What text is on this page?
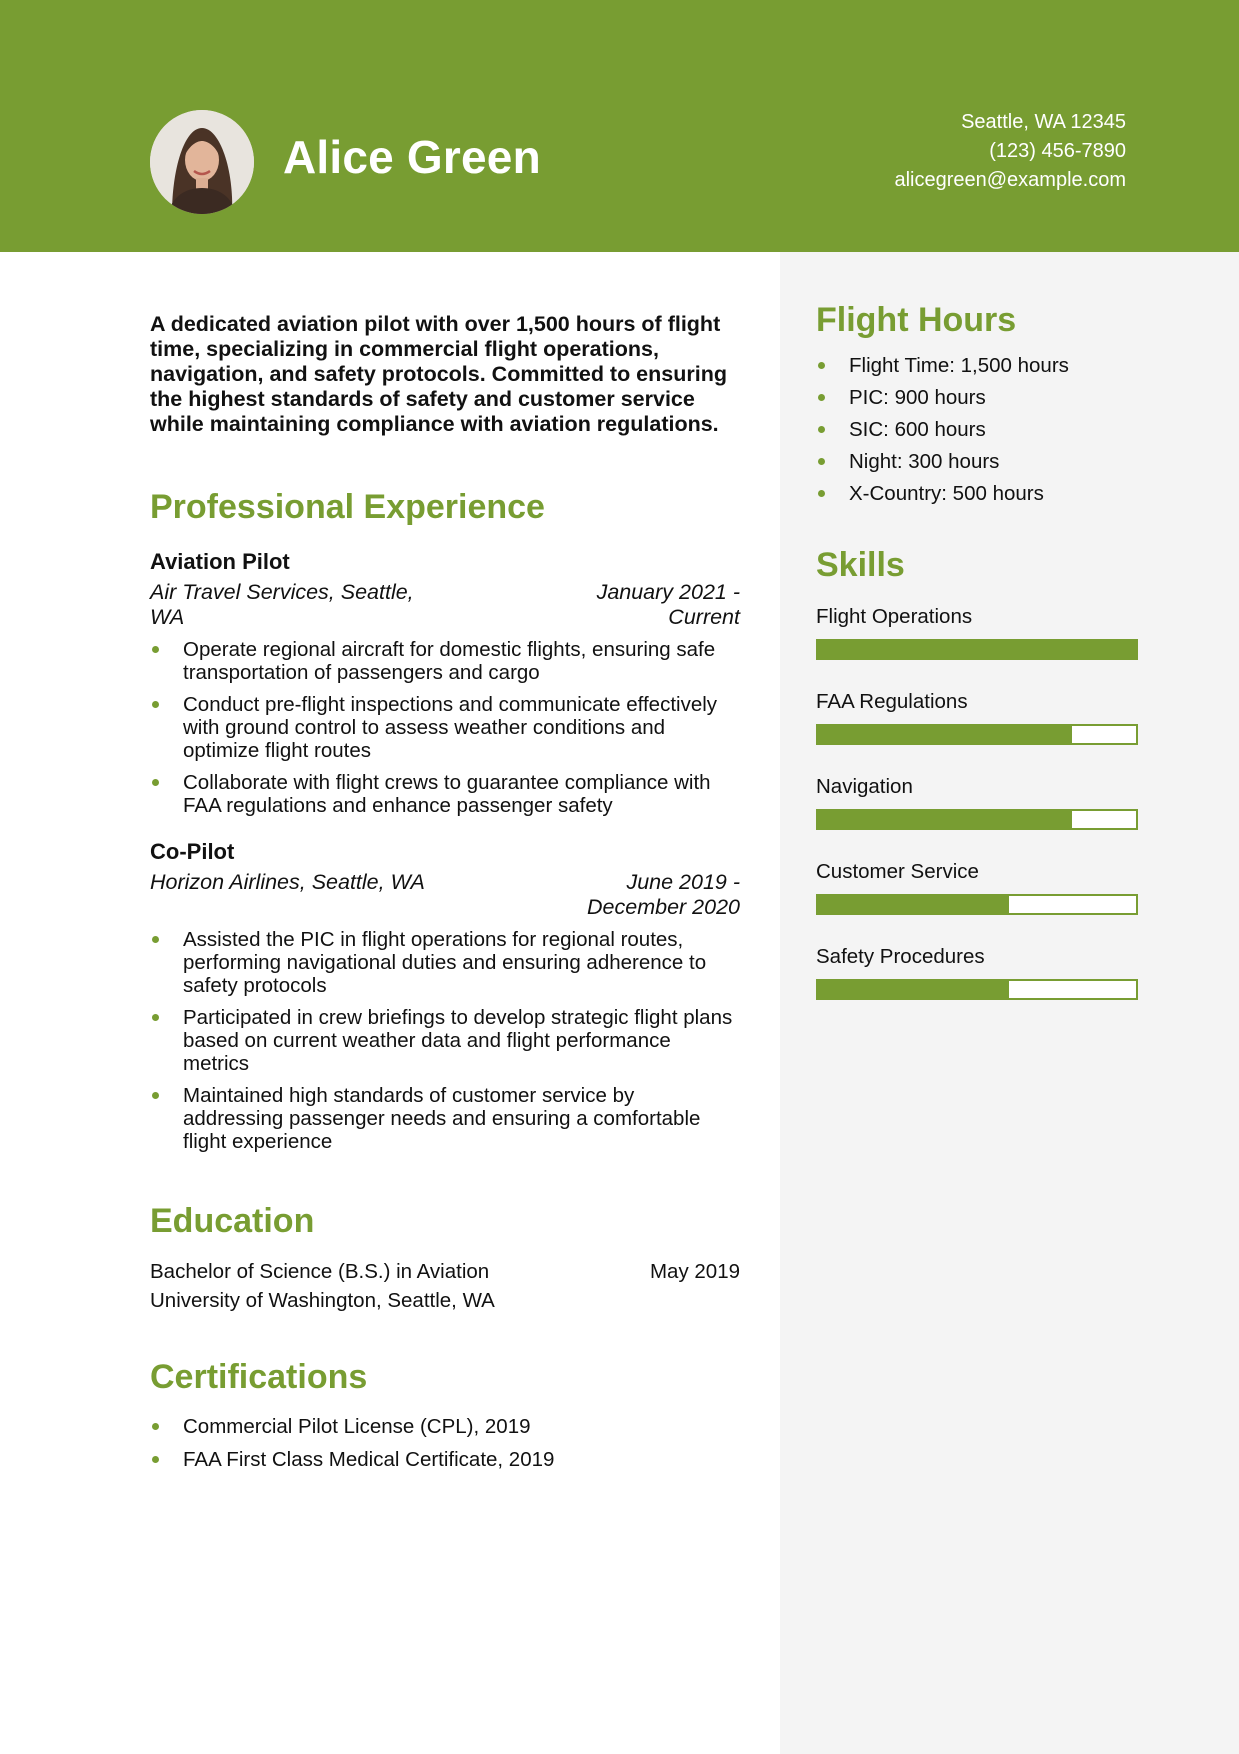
Alice Green
Seattle, WA 12345
(123) 456-7890
alicegreen@example.com

A dedicated aviation pilot with over 1,500 hours of flight time, specializing in commercial flight operations, navigation, and safety protocols. Committed to ensuring the highest standards of safety and customer service while maintaining compliance with aviation regulations.

Professional Experience
Aviation Pilot
Air Travel Services, Seattle, WA
January 2021 - Current
Operate regional aircraft for domestic flights, ensuring safe transportation of passengers and cargo
Conduct pre-flight inspections and communicate effectively with ground control to assess weather conditions and optimize flight routes
Collaborate with flight crews to guarantee compliance with FAA regulations and enhance passenger safety
Co-Pilot
Horizon Airlines, Seattle, WA	June 2019 - December 2020
Assisted the PIC in flight operations for regional routes, performing navigational duties and ensuring adherence to safety protocols
Participated in crew briefings to develop strategic flight plans based on current weather data and flight performance metrics
Maintained high standards of customer service by addressing passenger needs and ensuring a comfortable flight experience
Education
Bachelor of Science (B.S.) in Aviation	May 2019
University of Washington, Seattle, WA
Certifications
Commercial Pilot License (CPL), 2019
FAA First Class Medical Certificate, 2019
Flight Hours
Flight Time: 1,500 hours
PIC: 900 hours
SIC: 600 hours
Night: 300 hours
X-Country: 500 hours
Skills
Flight Operations
FAA Regulations
Navigation
Customer Service
Safety Procedures
